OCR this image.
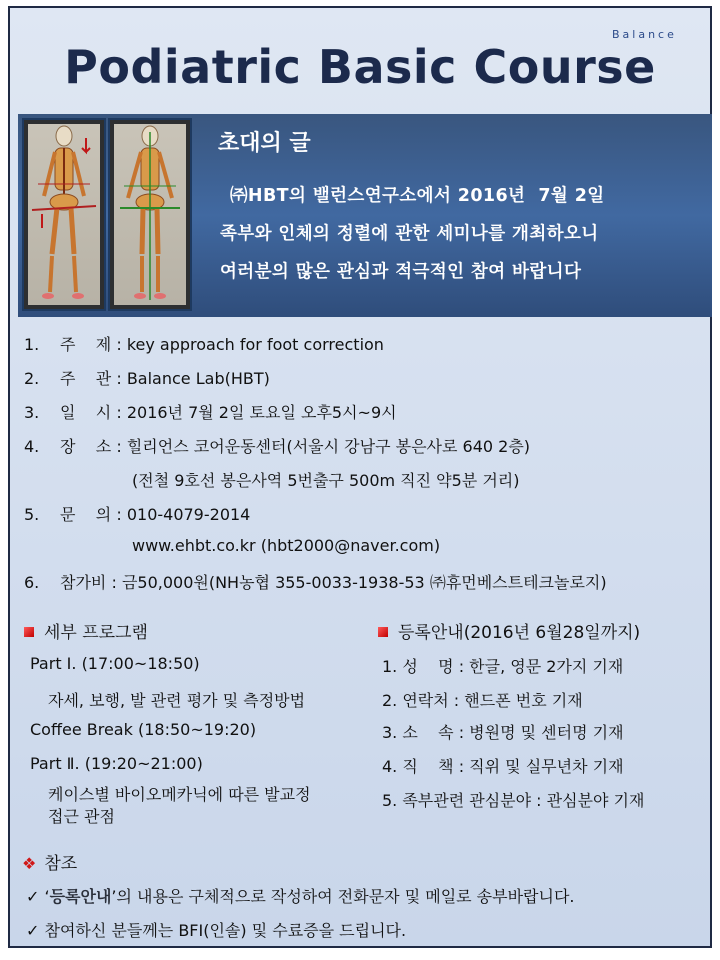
Balance
Podiatric Basic Course
초대의 글
㈜HBT의 밸런스연구소에서 2016년  7월 2일
족부와 인체의 정렬에 관한 세미나를 개최하오니
여러분의 많은 관심과 적극적인 참여 바랍니다
1. 주    제 : key approach for foot correction
2. 주    관 : Balance Lab(HBT)
3. 일    시 : 2016년 7월 2일 토요일 오후5시~9시
4. 장    소 : 힐리언스 코어운동센터(서울시 강남구 봉은사로 640 2층)
(전철 9호선 봉은사역 5번출구 500m 직진 약5분 거리)
5. 문    의 : 010-4079-2014
www.ehbt.co.kr (hbt2000@naver.com)
6. 참가비 : 금50,000원(NH농협 355-0033-1938-53 ㈜휴먼베스트테크놀로지)
세부 프로그램
Part Ⅰ. (17:00~18:50)
자세, 보행, 발 관련 평가 및 측정방법
Coffee Break (18:50~19:20)
Part Ⅱ. (19:20~21:00)
케이스별 바이오메카닉에 따른 발교정
접근 관점
등록안내(2016년 6월28일까지)
1. 성    명 : 한글, 영문 2가지 기재
2. 연락처 : 핸드폰 번호 기재
3. 소    속 : 병원명 및 센터명 기재
4. 직    책 : 직위 및 실무년차 기재
5. 족부관련 관심분야 : 관심분야 기재
❖ 참조
✓ ‘등록안내’의 내용은 구체적으로 작성하여 전화문자 및 메일로 송부바랍니다.
✓ 참여하신 분들께는 BFI(인솔) 및 수료증을 드립니다.
